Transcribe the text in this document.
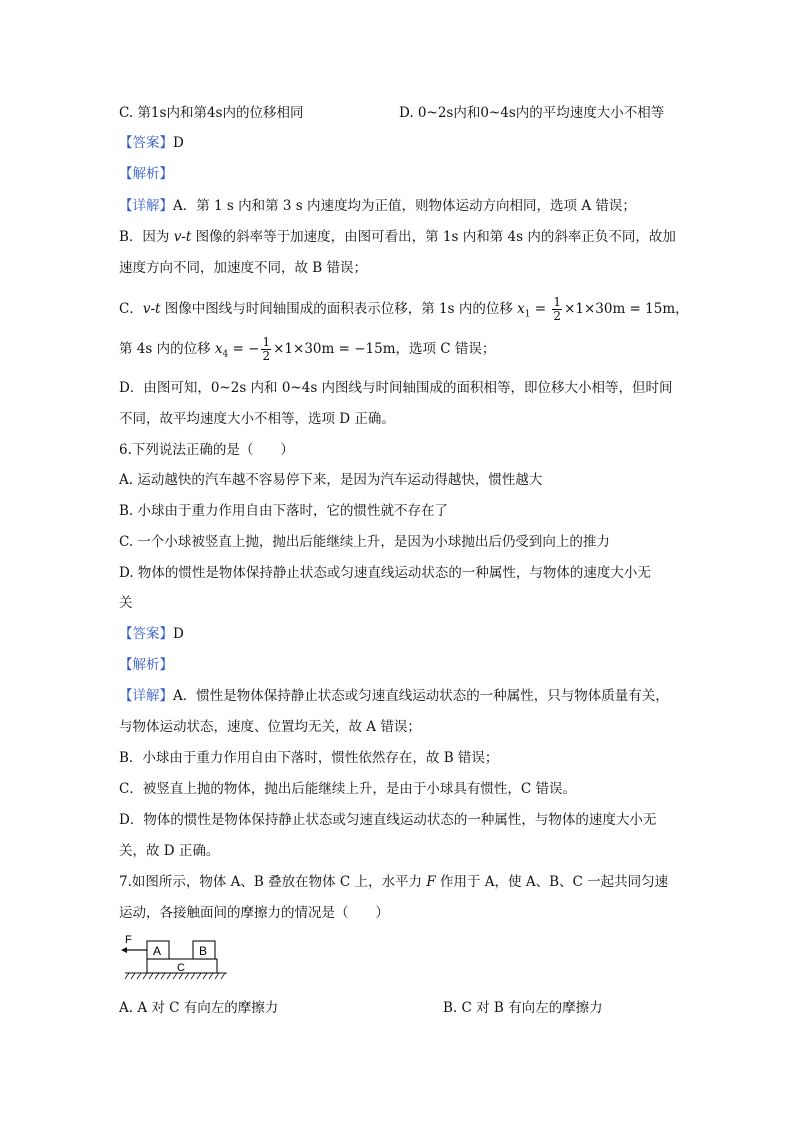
C. 第1s内和第4s内的位移相同	D. 0~2s内和0~4s内的平均速度大小不相等
【答案】D
【解析】
【详解】A．第 1 s 内和第 3 s 内速度均为正值，则物体运动方向相同，选项 A 错误；
B．因为 v-t 图像的斜率等于加速度，由图可看出，第 1s 内和第 4s 内的斜率正负不同，故加
速度方向不同，加速度不同，故 B 错误；
C．v-t 图像中图线与时间轴围成的面积表示位移，第 1s 内的位移 $x_1 = \frac{1}{2} \times 1\times 30m = 15m$，
第 4s 内的位移 $x_4$ = − $\frac{1}{2} \times 1\times 30m = -15m$，选项 C 错误；
D．由图可知，0~2s 内和 0~4s 内图线与时间轴围成的面积相等，即位移大小相等，但时间
不同，故平均速度大小不相等，选项 D 正确。
6.下列说法正确的是（　　）
A. 运动越快的汽车越不容易停下来，是因为汽车运动得越快，惯性越大
B. 小球由于重力作用自由下落时，它的惯性就不存在了
C. 一个小球被竖直上抛，抛出后能继续上升，是因为小球抛出后仍受到向上的推力
D. 物体的惯性是物体保持静止状态或匀速直线运动状态的一种属性，与物体的速度大小无
关
【答案】D
【解析】
【详解】A．惯性是物体保持静止状态或匀速直线运动状态的一种属性，只与物体质量有关，
与物体运动状态，速度、位置均无关，故 A 错误；
B．小球由于重力作用自由下落时，惯性依然存在，故 B 错误；
C．被竖直上抛的物体，抛出后能继续上升，是由于小球具有惯性，C 错误。
D．物体的惯性是物体保持静止状态或匀速直线运动状态的一种属性，与物体的速度大小无
关，故 D 正确。
7.如图所示，物体 A、B 叠放在物体 C 上，水平力 F 作用于 A，使 A、B、C 一起共同匀速
运动，各接触面间的摩擦力的情况是（　　）
F
C
A	B
A. A 对 C 有向左的摩擦力	B. C 对 B 有向左的摩擦力
